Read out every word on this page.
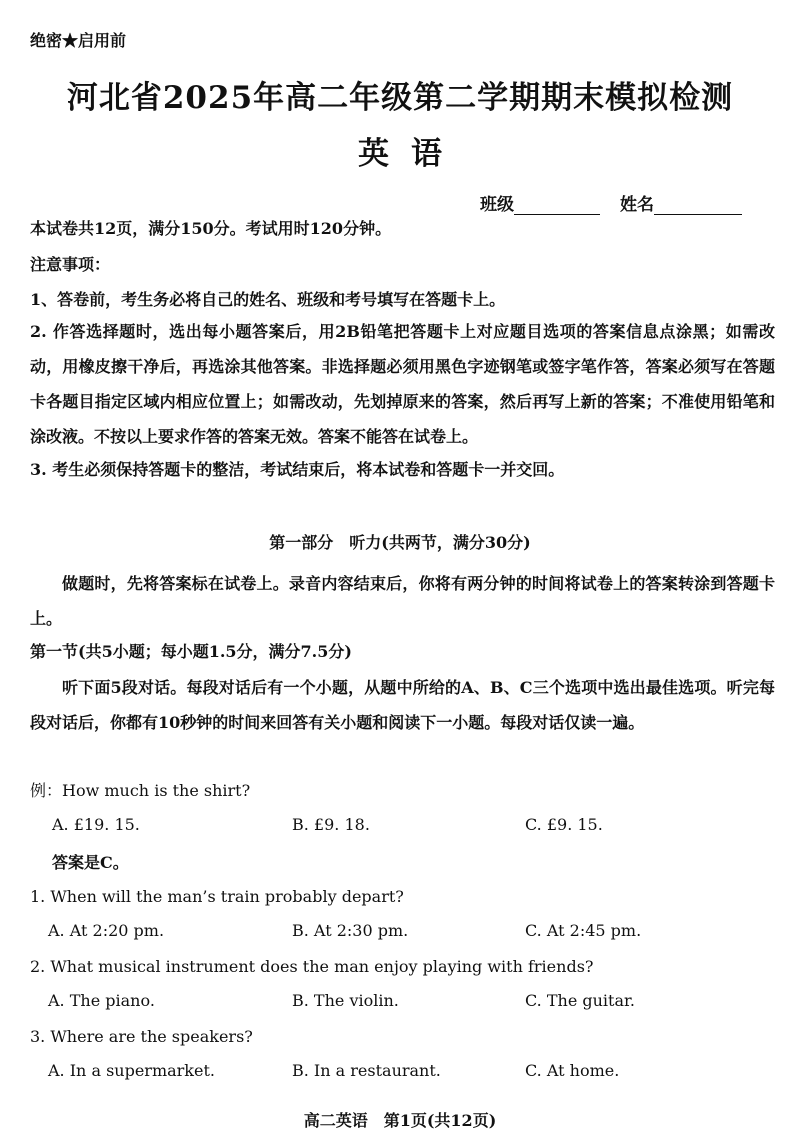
绝密★启用前
河北省2025年高二年级第二学期期末模拟检测
英语
班级	姓名
本试卷共12页，满分150分。考试用时120分钟。
注意事项：
1、答卷前，考生务必将自己的姓名、班级和考号填写在答题卡上。
2. 作答选择题时，选出每小题答案后，用2B铅笔把答题卡上对应题目选项的答案信息点涂黑；如需改动，用橡皮擦干净后，再选涂其他答案。非选择题必须用黑色字迹钢笔或签字笔作答，答案必须写在答题卡各题目指定区域内相应位置上；如需改动，先划掉原来的答案，然后再写上新的答案；不准使用铅笔和涂改液。不按以上要求作答的答案无效。答案不能答在试卷上。
3. 考生必须保持答题卡的整洁，考试结束后，将本试卷和答题卡一并交回。
第一部分　听力(共两节，满分30分)
做题时，先将答案标在试卷上。录音内容结束后，你将有两分钟的时间将试卷上的答案转涂到答题卡上。
第一节(共5小题；每小题1.5分，满分7.5分)
听下面5段对话。每段对话后有一个小题，从题中所给的A、B、C三个选项中选出最佳选项。听完每段对话后，你都有10秒钟的时间来回答有关小题和阅读下一小题。每段对话仅读一遍。
例：How much is the shirt?
A. £19. 15.	B. £9. 18.	C. £9. 15.
答案是C。
1. When will the man’s train probably depart?
A. At 2:20 pm.	B. At 2:30 pm.	C. At 2:45 pm.
2. What musical instrument does the man enjoy playing with friends?
A. The piano.	B. The violin.	C. The guitar.
3. Where are the speakers?
A. In a supermarket.	B. In a restaurant.	C. At home.
高二英语　第1页(共12页)
